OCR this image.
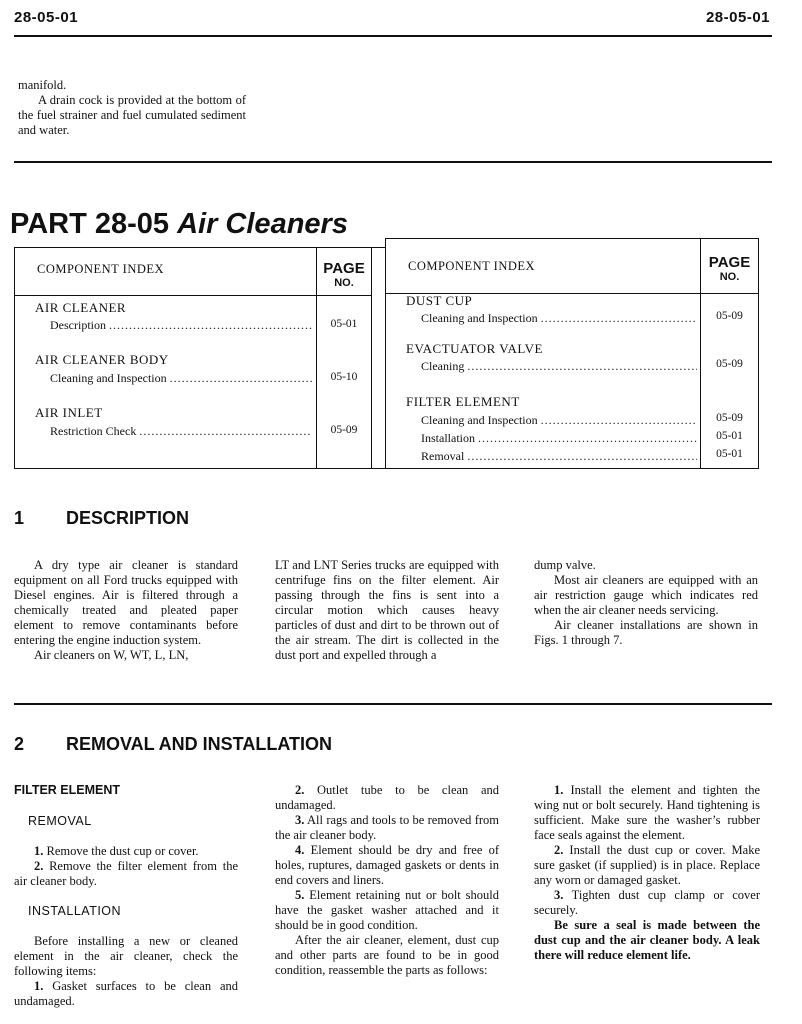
28-05-01	28-05-01

manifold.

A drain cock is provided at the bottom of the fuel strainer and fuel cumulated sediment and water.

PART 28-05 Air Cleaners
COMPONENT INDEX	PAGE
NO.
AIR CLEANER
Description .....	05-01
AIR CLEANER BODY
Cleaning and Inspection .....	05-10
AIR INLET
Restriction Check .....	05-09
COMPONENT INDEX	PAGE
NO.
DUST CUP
Cleaning and Inspection .....	05-09
EVACTUATOR VALVE
Cleaning .....	05-09
FILTER ELEMENT
Cleaning and Inspection .....	05-09
Installation .....	05-01
Removal .....	05-01
1 DESCRIPTION

A dry type air cleaner is standard equipment on all Ford trucks equipped with Diesel engines. Air is filtered through a chemically treated and pleated paper element to remove contaminants before entering the engine induction system.

Air cleaners on W, WT, L, LN,

LT and LNT Series trucks are equipped with centrifuge fins on the filter element. Air passing through the fins is sent into a circular motion which causes heavy particles of dust and dirt to be thrown out of the air stream. The dirt is collected in the dust port and expelled through a

dump valve.

Most air cleaners are equipped with an air restriction gauge which indicates red when the air cleaner needs servicing.

Air cleaner installations are shown in Figs. 1 through 7.

2 REMOVAL AND INSTALLATION

FILTER ELEMENT

REMOVAL

1. Remove the dust cup or cover.

2. Remove the filter element from the air cleaner body.

INSTALLATION

Before installing a new or cleaned element in the air cleaner, check the following items:

1. Gasket surfaces to be clean and undamaged.

2. Outlet tube to be clean and undamaged.

3. All rags and tools to be removed from the air cleaner body.

4. Element should be dry and free of holes, ruptures, damaged gaskets or dents in end covers and liners.

5. Element retaining nut or bolt should have the gasket washer attached and it should be in good condition.

After the air cleaner, element, dust cup and other parts are found to be in good condition, reassemble the parts as follows:

1. Install the element and tighten the wing nut or bolt securely. Hand tightening is sufficient. Make sure the washer’s rubber face seals against the element.

2. Install the dust cup or cover. Make sure gasket (if supplied) is in place. Replace any worn or damaged gasket.

3. Tighten dust cup clamp or cover securely.

Be sure a seal is made between the dust cup and the air cleaner body. A leak there will reduce element life.
